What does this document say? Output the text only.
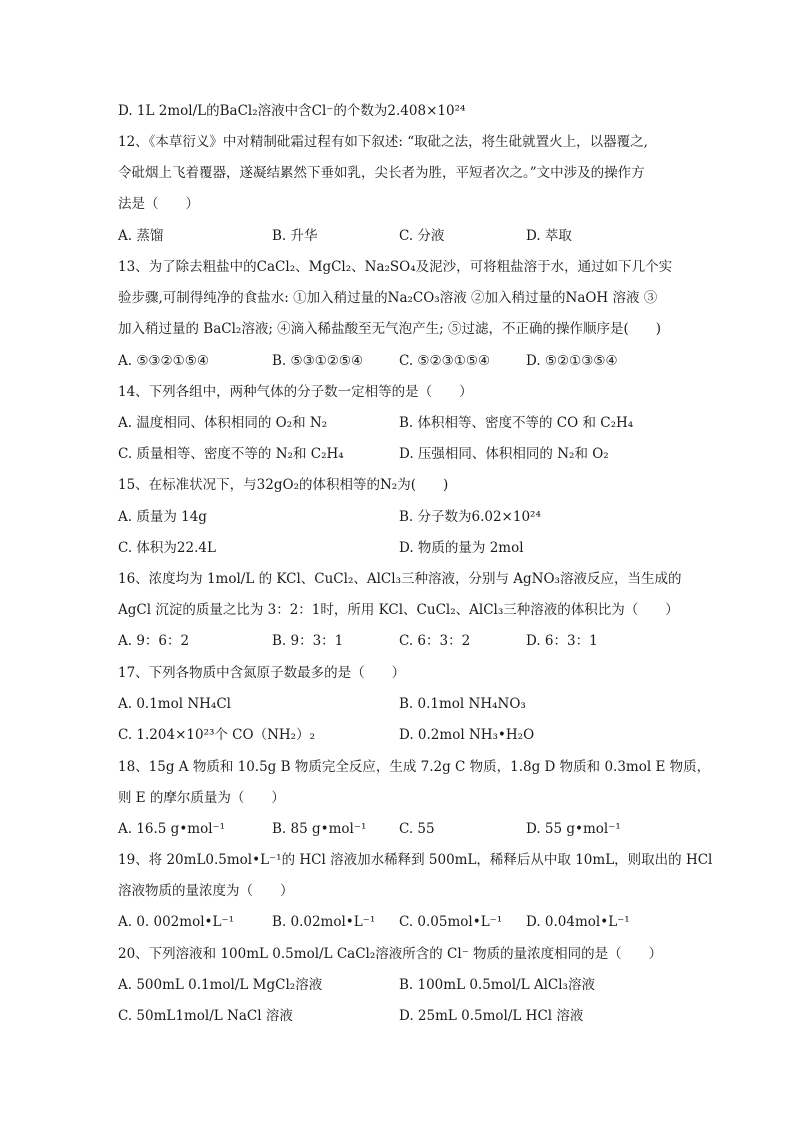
D. 1L 2mol/L的BaCl₂溶液中含Cl⁻的个数为2.408×10²⁴
12、《本草衍义》中对精制砒霜过程有如下叙述: “取砒之法，将生砒就置火上，以器覆之,
令砒烟上飞着覆器，遂凝结累然下垂如乳，尖长者为胜，平短者次之。”文中涉及的操作方
法是（　　）
A. 蒸馏	B. 升华	C. 分液	D. 萃取
13、为了除去粗盐中的CaCl₂、MgCl₂、Na₂SO₄及泥沙，可将粗盐溶于水，通过如下几个实
验步骤,可制得纯净的食盐水: ①加入稍过量的Na₂CO₃溶液 ②加入稍过量的NaOH 溶液 ③
加入稍过量的 BaCl₂溶液; ④滴入稀盐酸至无气泡产生; ⑤过滤，不正确的操作顺序是(　　)
A. ⑤③②①⑤④	B. ⑤③①②⑤④	C. ⑤②③①⑤④	D. ⑤②①③⑤④
14、下列各组中，两种气体的分子数一定相等的是（　　）
A. 温度相同、体积相同的 O₂和 N₂	B. 体积相等、密度不等的 CO 和 C₂H₄
C. 质量相等、密度不等的 N₂和 C₂H₄	D. 压强相同、体积相同的 N₂和 O₂
15、在标准状况下，与32gO₂的体积相等的N₂为(　　)
A. 质量为 14g	B. 分子数为6.02×10²⁴
C. 体积为22.4L	D. 物质的量为 2mol
16、浓度均为 1mol/L 的 KCl、CuCl₂、AlCl₃三种溶液，分别与 AgNO₃溶液反应，当生成的
AgCl 沉淀的质量之比为 3：2：1时，所用 KCl、CuCl₂、AlCl₃三种溶液的体积比为（　　）
A. 9：6：2	B. 9：3：1	C. 6：3：2	D. 6：3：1
17、下列各物质中含氮原子数最多的是（　　）
A. 0.1mol NH₄Cl	B. 0.1mol NH₄NO₃
C. 1.204×10²³个 CO（NH₂）₂	D. 0.2mol NH₃•H₂O
18、15g A 物质和 10.5g B 物质完全反应，生成 7.2g C 物质，1.8g D 物质和 0.3mol E 物质，
则 E 的摩尔质量为（　　）
A. 16.5 g•mol⁻¹	B. 85 g•mol⁻¹ C. 55	D. 55 g•mol⁻¹
19、将 20mL0.5mol•L⁻¹的 HCl 溶液加水稀释到 500mL，稀释后从中取 10mL，则取出的 HCl
溶液物质的量浓度为（　　）
A. 0. 002mol•L⁻¹	B. 0.02mol•L⁻¹ C. 0.05mol•L⁻¹ D. 0.04mol•L⁻¹
20、下列溶液和 100mL 0.5mol/L CaCl₂溶液所含的 Cl⁻ 物质的量浓度相同的是（　　）
A. 500mL 0.1mol/L MgCl₂溶液	B. 100mL 0.5mol/L AlCl₃溶液
C. 50mL1mol/L NaCl 溶液	D. 25mL 0.5mol/L HCl 溶液
